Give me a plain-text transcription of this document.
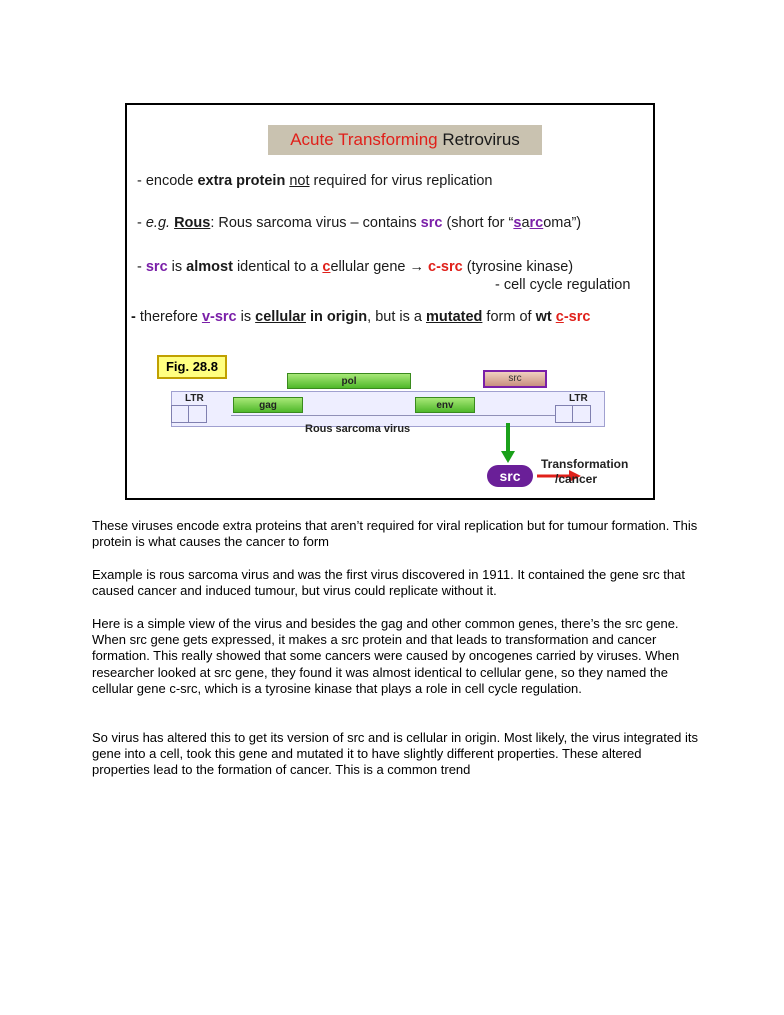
Acute Transforming Retrovirus
- encode extra protein not required for virus replication
- e.g. Rous: Rous sarcoma virus – contains src (short for “sarcoma”)
- src is almost identical to a cellular gene → c-src (tyrosine kinase)
- cell cycle regulation
- therefore v-src is cellular in origin, but is a mutated form of wt c-src
Fig. 28.8
LTR	LTR
gag
pol
env
src
Rous sarcoma virus
src
Transformation
/cancer
These viruses encode extra proteins that aren’t required for viral replication but for tumour formation. This protein is what causes the cancer to form
Example is rous sarcoma virus and was the first virus discovered in 1911. It contained the gene src that caused cancer and induced tumour, but virus could replicate without it.
Here is a simple view of the virus and besides the gag and other common genes, there’s the src gene. When src gene gets expressed, it makes a src protein and that leads to transformation and cancer formation. This really showed that some cancers were caused by oncogenes carried by viruses. When researcher looked at src gene, they found it was almost identical to cellular gene, so they named the cellular gene c-src, which is a tyrosine kinase that plays a role in cell cycle regulation.
So virus has altered this to get its version of src and is cellular in origin. Most likely, the virus integrated its gene into a cell, took this gene and mutated it to have slightly different properties. These altered properties lead to the formation of cancer. This is a common trend
